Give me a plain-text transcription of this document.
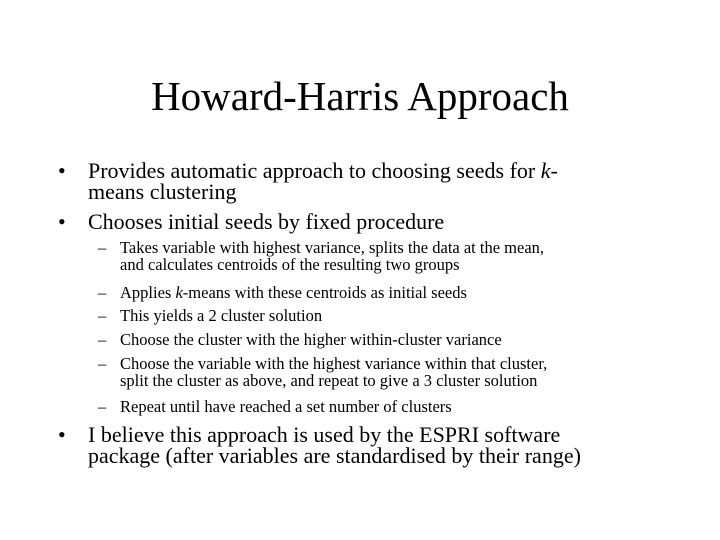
Howard-Harris Approach
• Provides automatic approach to choosing seeds for k-
means clustering
• Chooses initial seeds by fixed procedure
– Takes variable with highest variance, splits the data at the mean,
and calculates centroids of the resulting two groups
– Applies k-means with these centroids as initial seeds
– This yields a 2 cluster solution
– Choose the cluster with the higher within-cluster variance
– Choose the variable with the highest variance within that cluster,
split the cluster as above, and repeat to give a 3 cluster solution
– Repeat until have reached a set number of clusters
• I believe this approach is used by the ESPRI software
package (after variables are standardised by their range)
